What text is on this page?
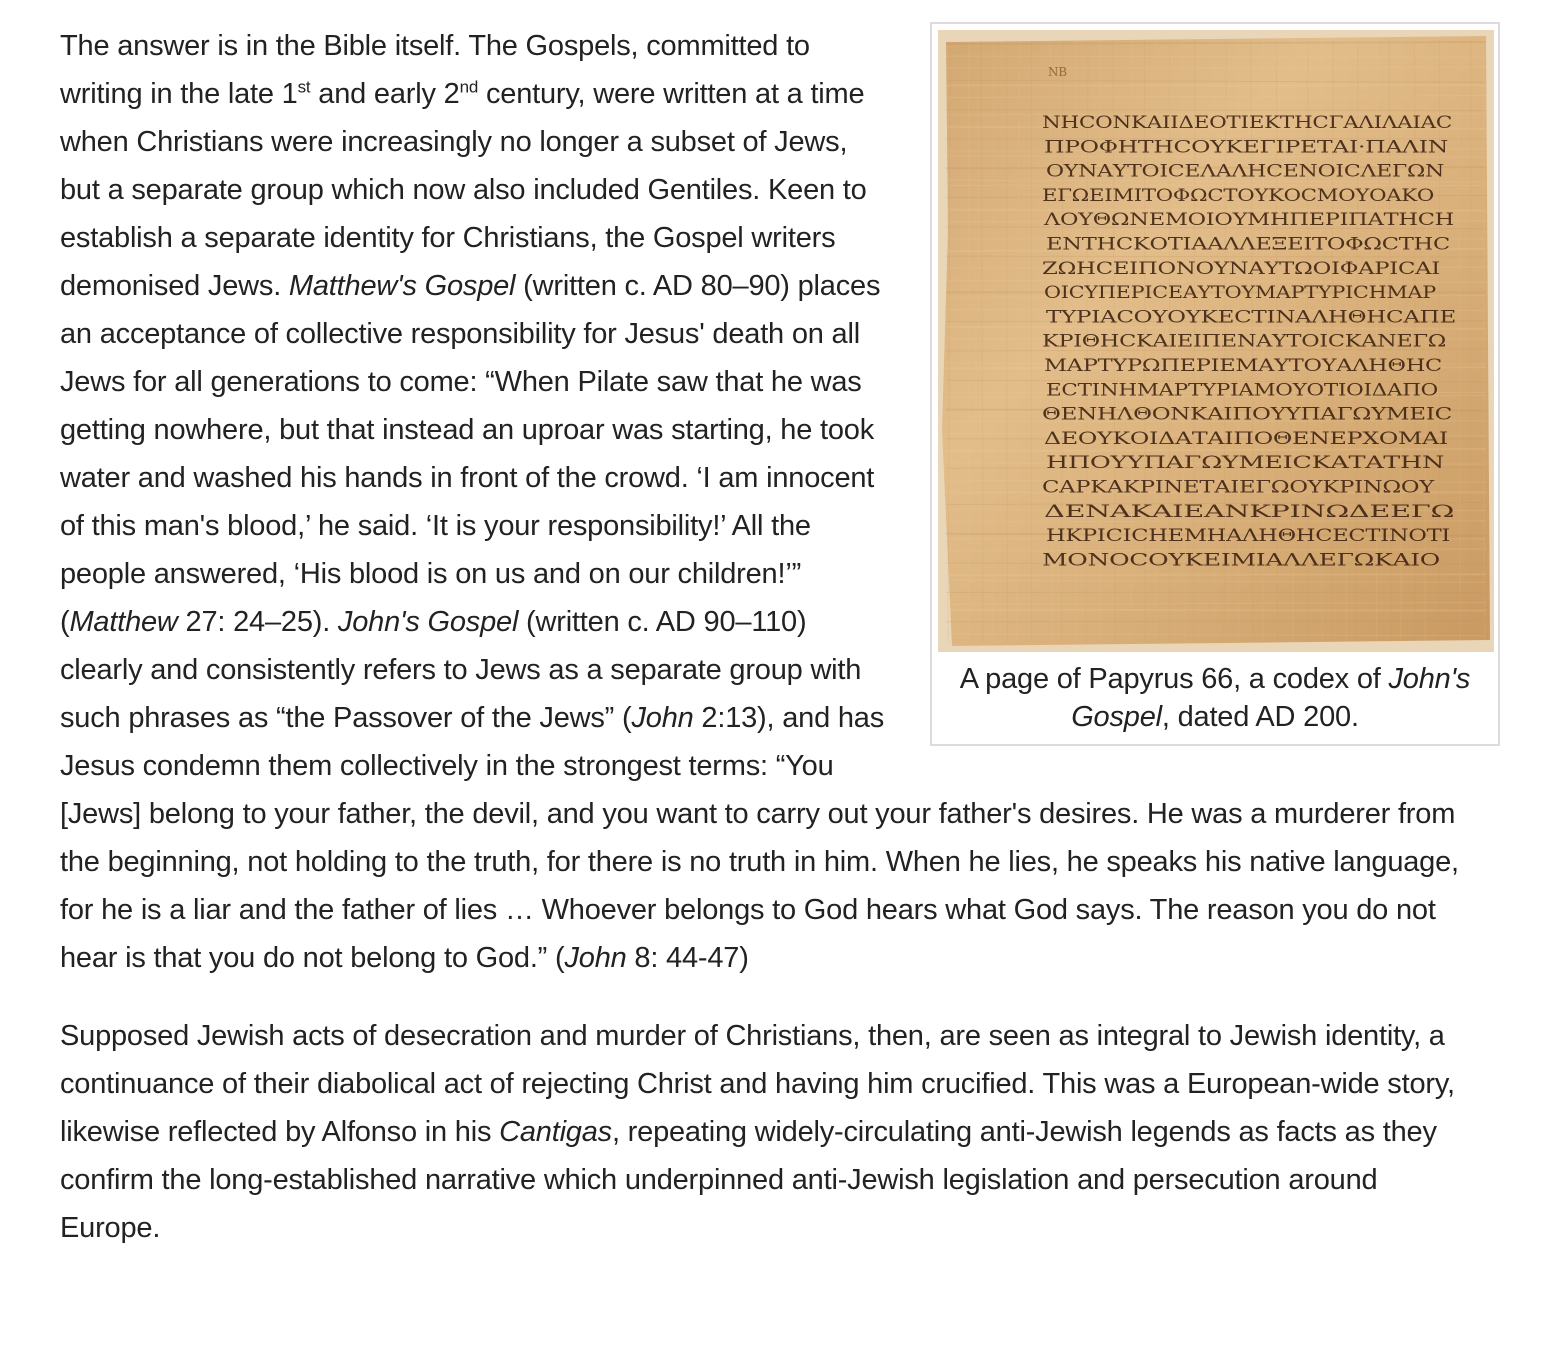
NB
ΝΗϹΟΝΚΑΙΙΔΕΟΤΙΕΚΤΗϹΓΑΛΙΛΑΙΑϹ
ΠΡΟΦΗΤΗϹΟΥΚΕΓΙΡΕΤΑΙ·ΠΑΛΙΝ
ΟΥΝΑΥΤΟΙϹΕΛΑΛΗϹΕΝΟΙϹΛΕΓΩΝ
ΕΓΩΕΙΜΙΤΟΦΩϹΤΟΥΚΟϹΜΟΥΟΑΚΟ
ΛΟΥΘΩΝΕΜΟΙΟΥΜΗΠΕΡΙΠΑΤΗϹΗ
ΕΝΤΗϹΚΟΤΙΑΑΛΛΕΞΕΙΤΟΦΩϹΤΗϹ
ΖΩΗϹΕΙΠΟΝΟΥΝΑΥΤΩΟΙΦΑΡΙϹΑΙ
ΟΙϹΥΠΕΡΙϹΕΑΥΤΟΥΜΑΡΤΥΡΙϹΗΜΑΡ
ΤΥΡΙΑϹΟΥΟΥΚΕϹΤΙΝΑΛΗΘΗϹΑΠΕ
ΚΡΙΘΗϹΚΑΙΕΙΠΕΝΑΥΤΟΙϹΚΑΝΕΓΩ
ΜΑΡΤΥΡΩΠΕΡΙΕΜΑΥΤΟΥΑΛΗΘΗϹ
ΕϹΤΙΝΗΜΑΡΤΥΡΙΑΜΟΥΟΤΙΟΙΔΑΠΟ
ΘΕΝΗΛΘΟΝΚΑΙΠΟΥΥΠΑΓΩΥΜΕΙϹ
ΔΕΟΥΚΟΙΔΑΤΑΙΠΟΘΕΝΕΡΧΟΜΑΙ
ΗΠΟΥΥΠΑΓΩΥΜΕΙϹΚΑΤΑΤΗΝ
ϹΑΡΚΑΚΡΙΝΕΤΑΙΕΓΩΟΥΚΡΙΝΩΟΥ
ΔΕΝΑΚΑΙΕΑΝΚΡΙΝΩΔΕΕΓΩ
ΗΚΡΙϹΙϹΗΕΜΗΑΛΗΘΗϹΕϹΤΙΝΟΤΙ
ΜΟΝΟϹΟΥΚΕΙΜΙΑΛΛΕΓΩΚΑΙΟ
A page of Papyrus 66, a codex of John's Gospel, dated AD 200.

The answer is in the Bible itself. The Gospels, committed to writing in the late 1st and early 2nd century, were written at a time when Christians were increasingly no longer a subset of Jews, but a separate group which now also included Gentiles. Keen to establish a separate identity for Christians, the Gospel writers demonised Jews. Matthew's Gospel (written c. AD 80–90) places an acceptance of collective responsibility for Jesus' death on all Jews for all generations to come: “When Pilate saw that he was getting nowhere, but that instead an uproar was starting, he took water and washed his hands in front of the crowd. ‘I am innocent of this man's blood,’ he said. ‘It is your responsibility!’ All the people answered, ‘His blood is on us and on our children!’” (Matthew 27: 24–25). John's Gospel (written c. AD 90–110) clearly and consistently refers to Jews as a separate group with such phrases as “the Passover of the Jews” (John 2:13), and has Jesus condemn them collectively in the strongest terms: “You [Jews] belong to your father, the devil, and you want to carry out your father's desires. He was a murderer from the beginning, not holding to the truth, for there is no truth in him. When he lies, he speaks his native language, for he is a liar and the father of lies … Whoever belongs to God hears what God says. The reason you do not hear is that you do not belong to God.” (John 8: 44-47)

Supposed Jewish acts of desecration and murder of Christians, then, are seen as integral to Jewish identity, a continuance of their diabolical act of rejecting Christ and having him crucified. This was a European-wide story, likewise reflected by Alfonso in his Cantigas, repeating widely-circulating anti-Jewish legends as facts as they confirm the long-established narrative which underpinned anti-Jewish legislation and persecution around Europe.
